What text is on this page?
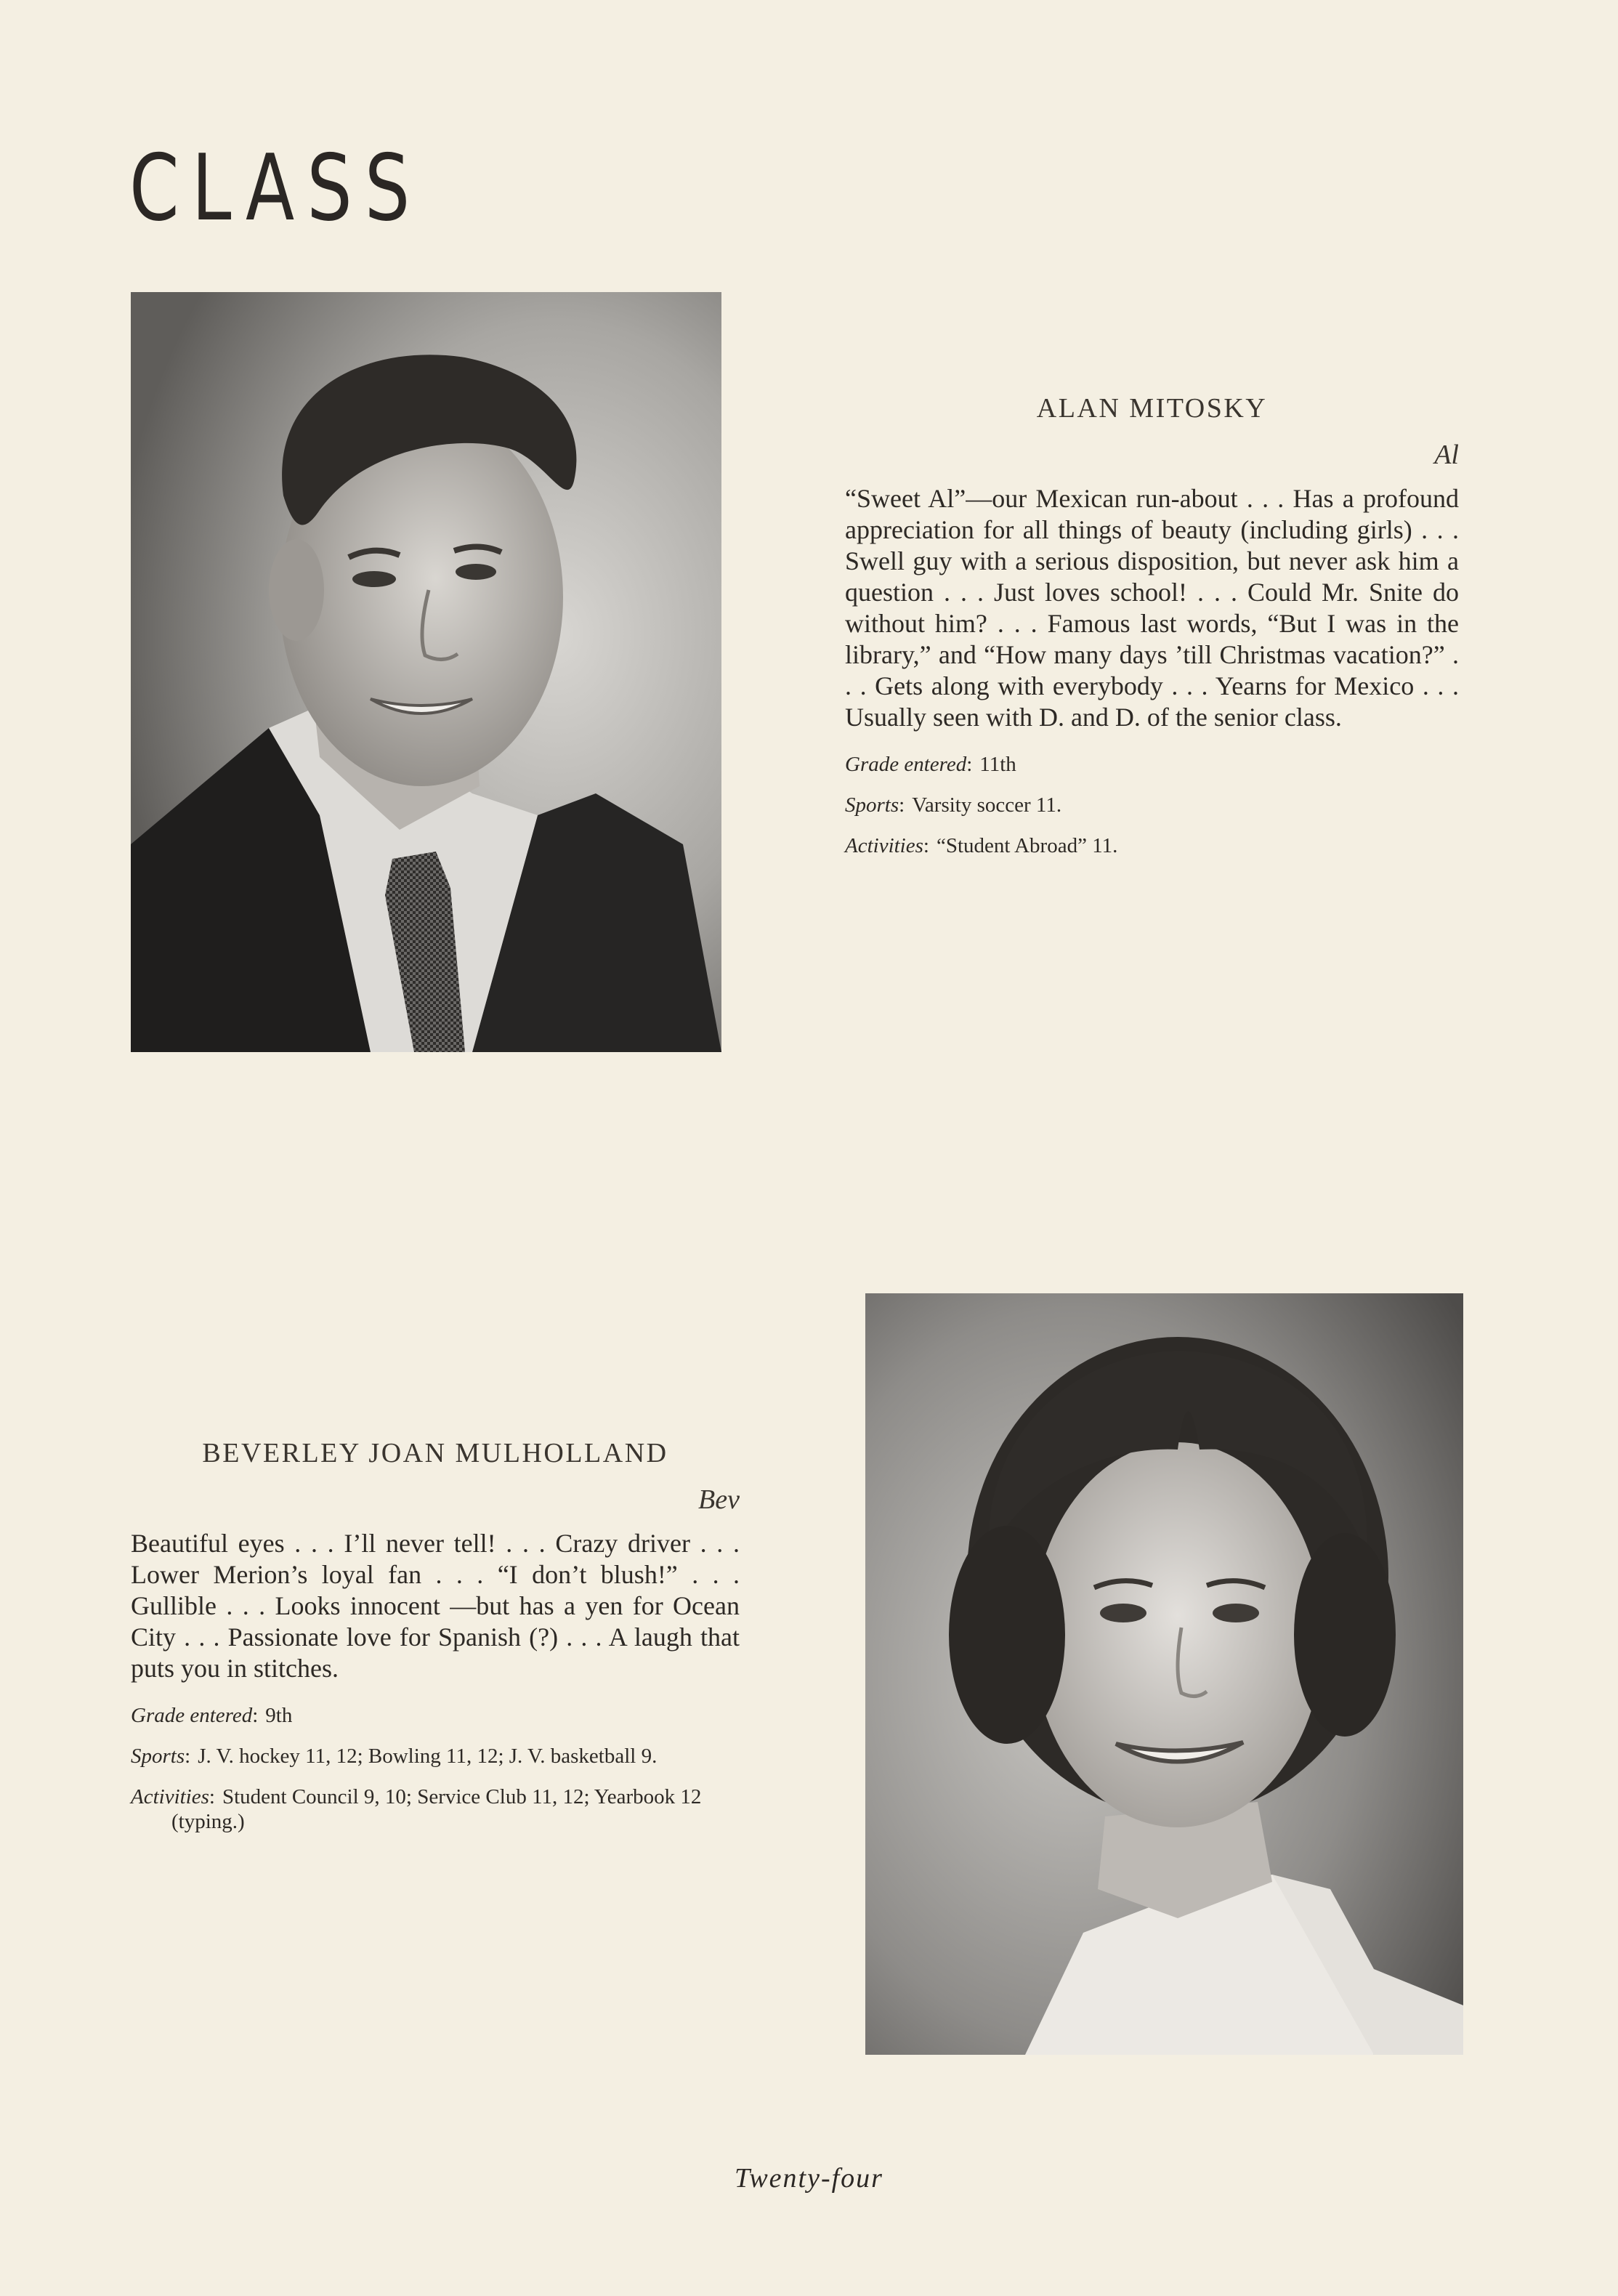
CLASS

ALAN MITOSKY

Al

“Sweet Al”—our Mexican run-about . . . Has a profound appreciation for all things of beauty (including girls) . . . Swell guy with a serious disposition, but never ask him a question . . . Just loves school! . . . Could Mr. Snite do without him? . . . Famous last words, “But I was in the library,” and “How many days ’till Christmas vacation?” . . . Gets along with everybody . . . Yearns for Mexico . . . Usually seen with D. and D. of the senior class.

Grade entered: 11th

Sports: Varsity soccer 11.

Activities: “Student Abroad” 11.

BEVERLEY JOAN MULHOLLAND

Bev

Beautiful eyes . . . I’ll never tell! . . . Crazy driver . . . Lower Merion’s loyal fan . . . “I don’t blush!” . . . Gullible . . . Looks innocent —but has a yen for Ocean City . . . Passionate love for Spanish (?) . . . A laugh that puts you in stitches.

Grade entered: 9th

Sports: J. V. hockey 11, 12; Bowling 11, 12; J. V. basketball 9.

Activities: Student Council 9, 10; Service Club 11, 12; Yearbook 12 (typing.)

Twenty-four
